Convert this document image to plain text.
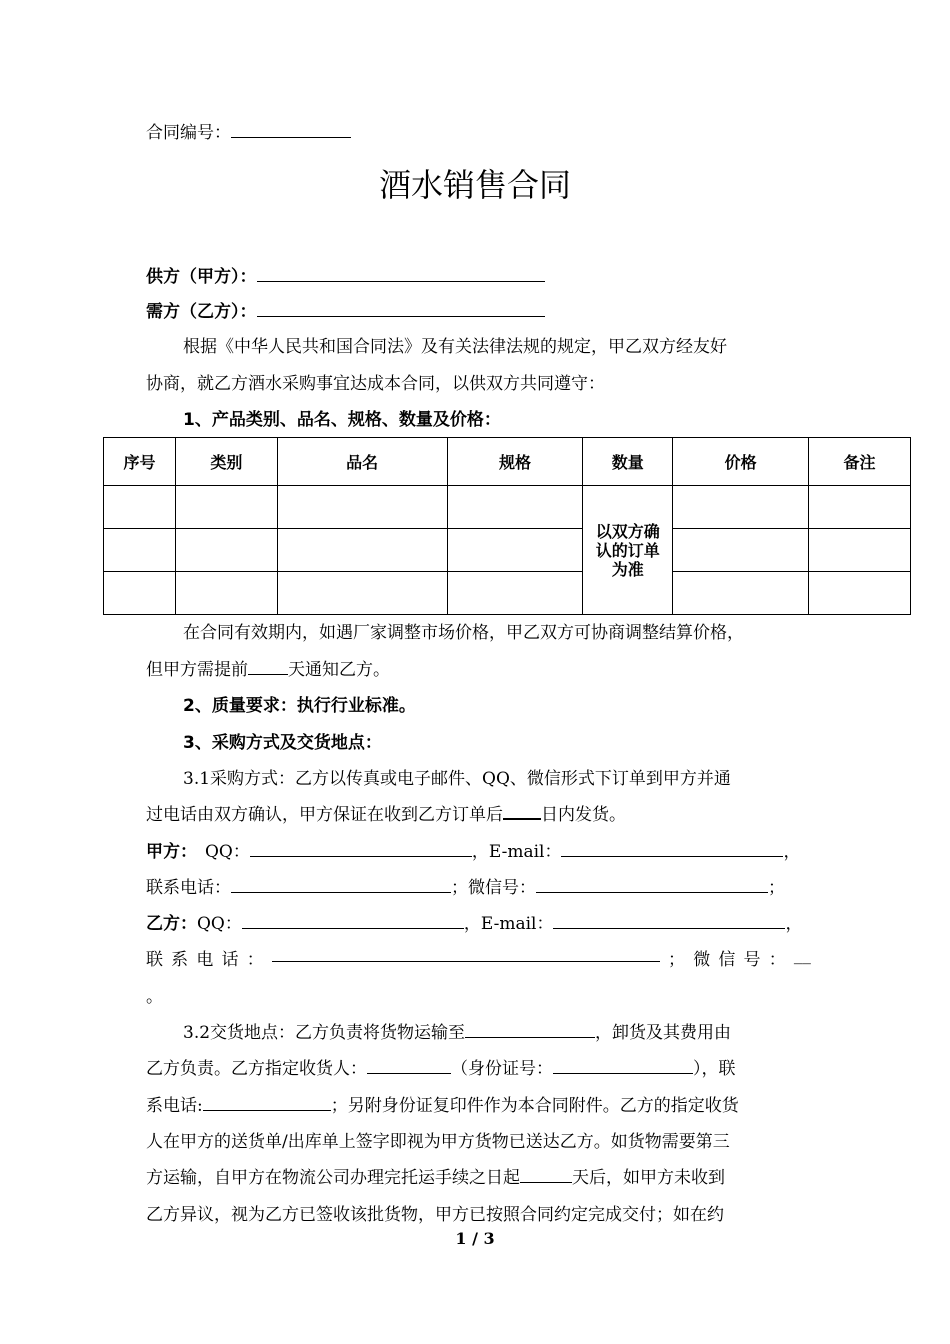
合同编号：
酒水销售合同
供方（甲方）：
需方（乙方）：
根据《中华人民共和国合同法》及有关法律法规的规定，甲乙双方经友好
协商，就乙方酒水采购事宜达成本合同，以供双方共同遵守：
1、产品类别、品名、规格、数量及价格：
序号	类别	品名	规格	数量	价格	备注

				以双方确
认的订单
为准		

在合同有效期内，如遇厂家调整市场价格，甲乙双方可协商调整结算价格，
但甲方需提前 天通知乙方。
2、质量要求：执行行业标准。
3、采购方式及交货地点：
3.1采购方式：乙方以传真或电子邮件、QQ、微信形式下订单到甲方并通
过电话由双方确认，甲方保证在收到乙方订单后 日内发货。
甲方： QQ：	，E-mail：	，
联系电话：	；微信号：	；
乙方：QQ：	，E-mail：	，
联 系 电 话 ：	； 微 信 号 ： __
。
3.2交货地点：乙方负责将货物运输至	，卸货及其费用由
乙方负责。乙方指定收货人：	（身份证号：	），联
系电话:	；另附身份证复印件作为本合同附件。乙方的指定收货
人在甲方的送货单/出库单上签字即视为甲方货物已送达乙方。如货物需要第三
方运输，自甲方在物流公司办理完托运手续之日起	天后，如甲方未收到
乙方异议，视为乙方已签收该批货物，甲方已按照合同约定完成交付；如在约
1 / 3
